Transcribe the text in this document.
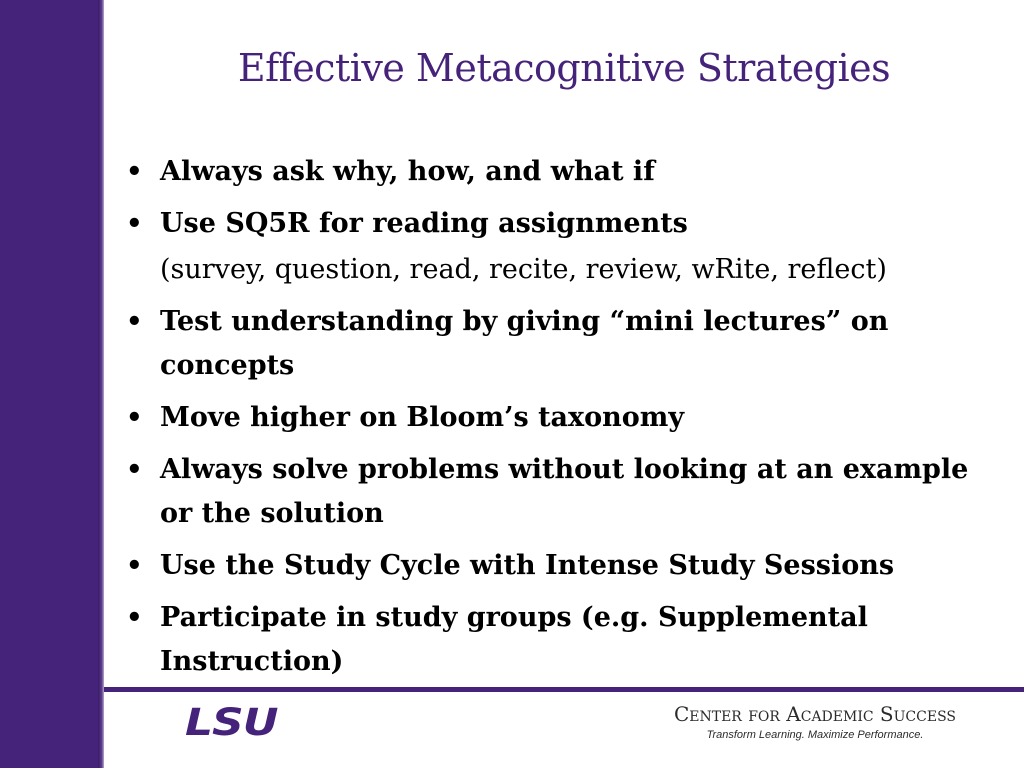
Effective Metacognitive Strategies
• Always ask why, how, and what if
• Use SQ5R for reading assignments
(survey, question, read, recite, review, wRite, reflect)
• Test understanding by giving “mini lectures” on concepts
• Move higher on Bloom’s taxonomy
• Always solve problems without looking at an example or the solution
• Use the Study Cycle with Intense Study Sessions
• Participate in study groups (e.g. Supplemental Instruction)
LSU	Center for Academic Success
Transform Learning. Maximize Performance.
